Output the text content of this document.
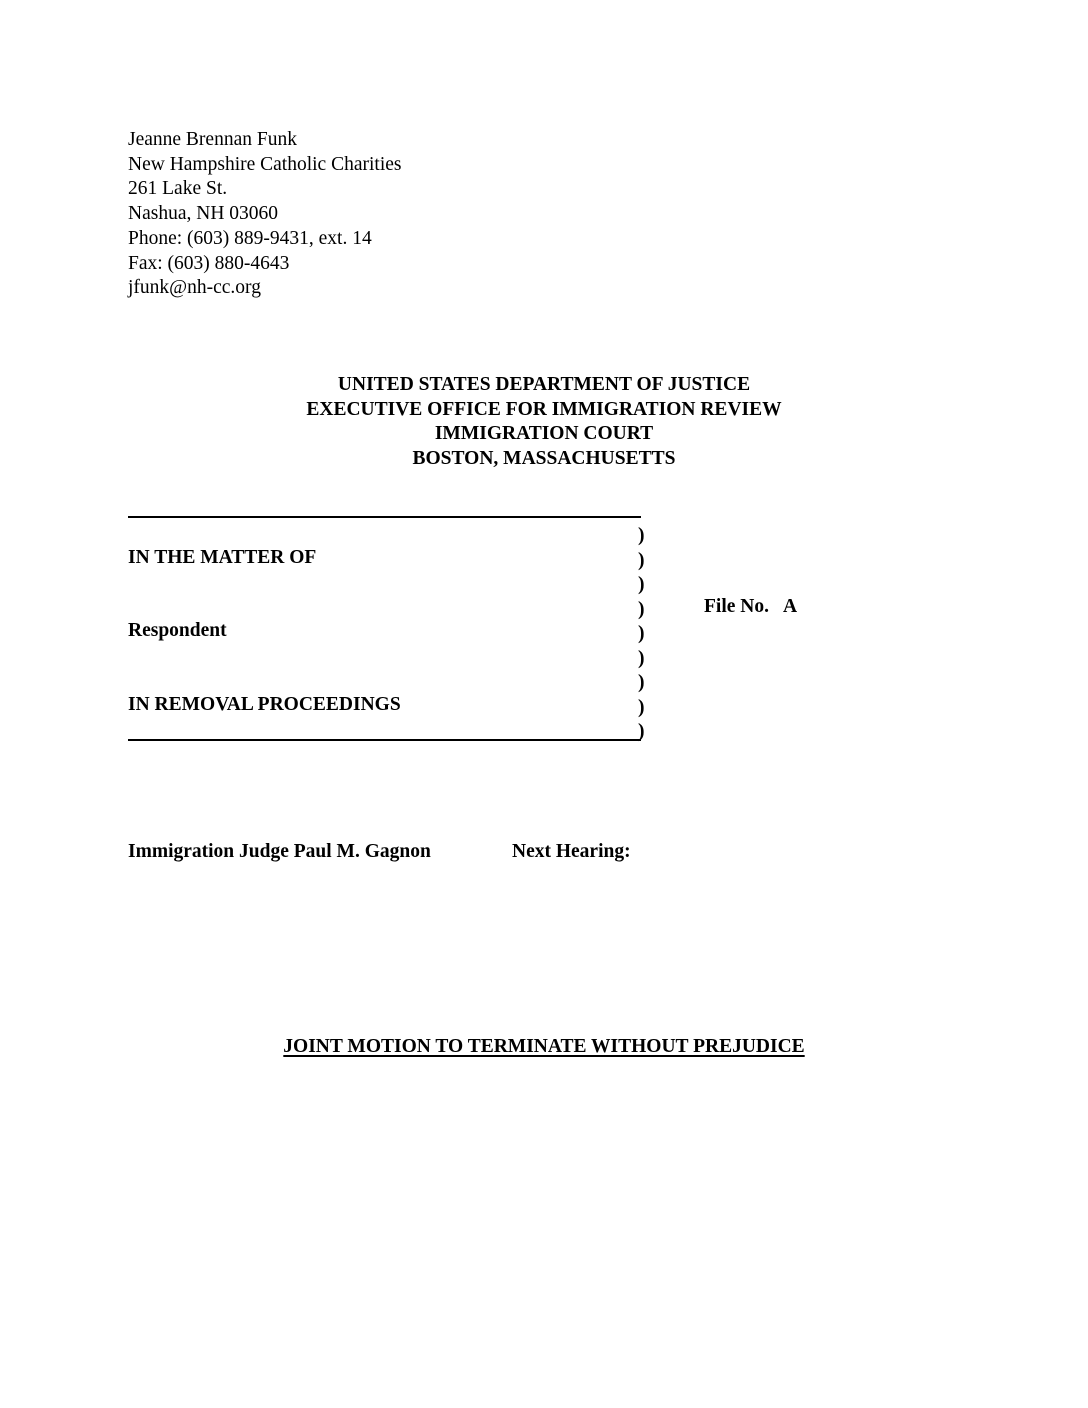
Jeanne Brennan Funk
New Hampshire Catholic Charities
261 Lake St.
Nashua, NH 03060
Phone: (603) 889-9431, ext. 14
Fax: (603) 880-4643
jfunk@nh-cc.org
UNITED STATES DEPARTMENT OF JUSTICE
EXECUTIVE OFFICE FOR IMMIGRATION REVIEW
IMMIGRATION COURT
BOSTON, MASSACHUSETTS
IN THE MATTER OF
Respondent
IN REMOVAL PROCEEDINGS
)
)
)
)
)
)
)
)
)
File No. A
Immigration Judge Paul M. Gagnon	Next Hearing:
JOINT MOTION TO TERMINATE WITHOUT PREJUDICE
